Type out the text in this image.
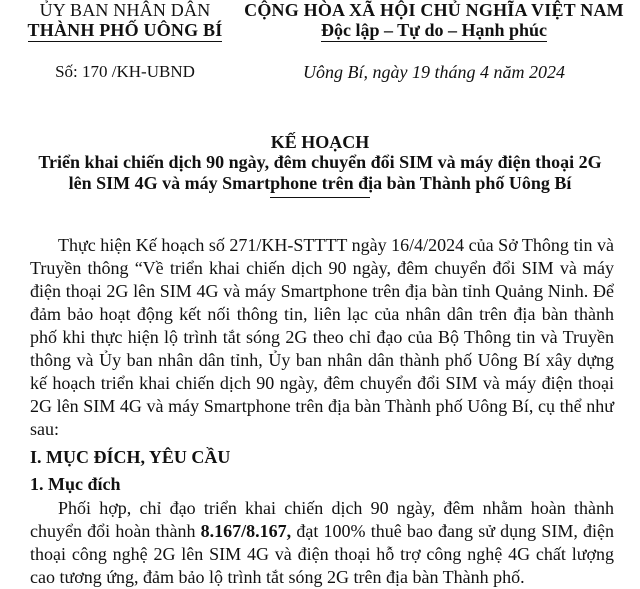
ỦY BAN NHÂN DÂN
THÀNH PHỐ UÔNG BÍ
CỘNG HÒA XÃ HỘI CHỦ NGHĨA VIỆT NAM
Độc lập – Tự do – Hạnh phúc
Số: 170 /KH-UBND	Uông Bí, ngày 19 tháng 4 năm 2024
KẾ HOẠCH
Triển khai chiến dịch 90 ngày, đêm chuyển đổi SIM và máy điện thoại 2G
lên SIM 4G và máy Smartphone trên địa bàn Thành phố Uông Bí

Thực hiện Kế hoạch số 271/KH-STTTT ngày 16/4/2024 của Sở Thông tin và Truyền thông “Về triển khai chiến dịch 90 ngày, đêm chuyển đổi SIM và máy điện thoại 2G lên SIM 4G và máy Smartphone trên địa bàn tỉnh Quảng Ninh. Để đảm bảo hoạt động kết nối thông tin, liên lạc của nhân dân trên địa bàn thành phố khi thực hiện lộ trình tắt sóng 2G theo chỉ đạo của Bộ Thông tin và Truyền thông và Ủy ban nhân dân tỉnh, Ủy ban nhân dân thành phố Uông Bí xây dựng kế hoạch triển khai chiến dịch 90 ngày, đêm chuyển đổi SIM và máy điện thoại 2G lên SIM 4G và máy Smartphone trên địa bàn Thành phố Uông Bí, cụ thể như sau:

I. MỤC ĐÍCH, YÊU CẦU
1. Mục đích

Phối hợp, chỉ đạo triển khai chiến dịch 90 ngày, đêm nhằm hoàn thành chuyển đổi hoàn thành 8.167/8.167, đạt 100% thuê bao đang sử dụng SIM, điện thoại công nghệ 2G lên SIM 4G và điện thoại hỗ trợ công nghệ 4G chất lượng cao tương ứng, đảm bảo lộ trình tắt sóng 2G trên địa bàn Thành phố.
